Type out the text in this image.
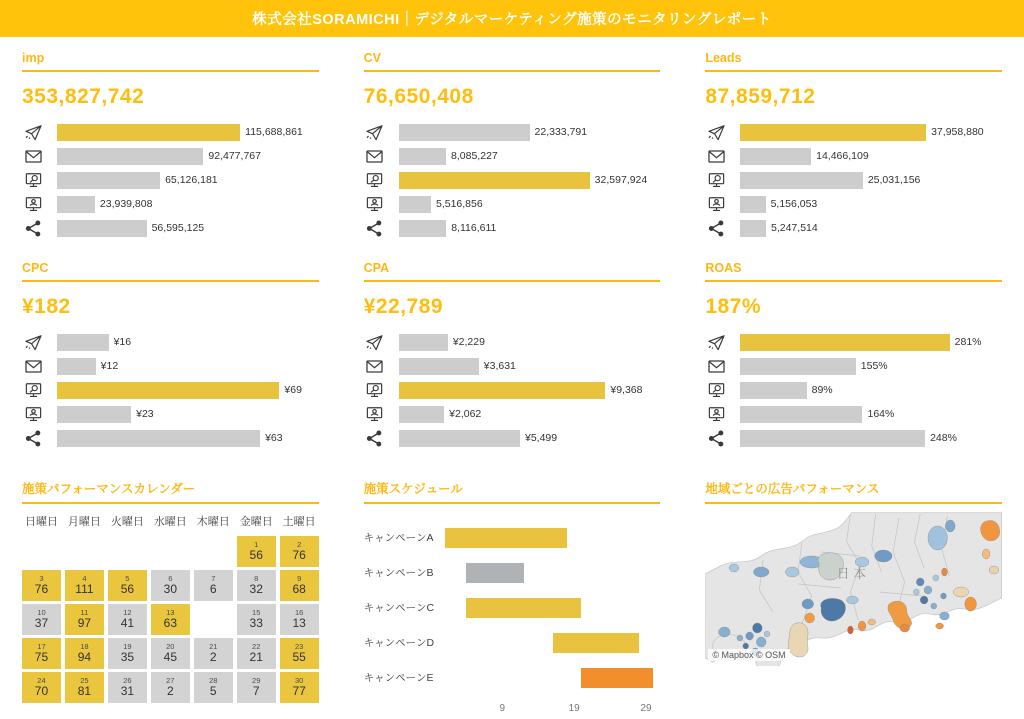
株式会社SORAMICHI｜デジタルマーケティング施策のモニタリングレポート
imp
353,827,742
115,688,861
92,477,767
65,126,181
23,939,808
56,595,125
CV
76,650,408
22,333,791
8,085,227
32,597,924
5,516,856
8,116,611
Leads
87,859,712
37,958,880
14,466,109
25,031,156
5,156,053
5,247,514
CPC
¥182
¥16
¥12
¥69
¥23
¥63
CPA
¥22,789
¥2,229
¥3,631
¥9,368
¥2,062
¥5,499
ROAS
187%
281%
155%
89%
164%
248%
施策パフォーマンスカレンダー
日曜日 月曜日 火曜日 水曜日 木曜日 金曜日 土曜日
1
56
2
76
3
76
4
111
5
56
6
30
7
6
8
32
9
68
10
37
11
97
12
41
13
63
15
33
16
13
17
75
18
94
19
35
20
45
21
2
22
21
23
55
24
70
25
81
26
31
27
2
28
5
29
7
30
77
施策スケジュール
キャンペーンA
キャンペーンB
キャンペーンC
キャンペーンD
キャンペーンE
9	19	29
地域ごとの広告パフォーマンス
日本
© Mapbox © OSM
